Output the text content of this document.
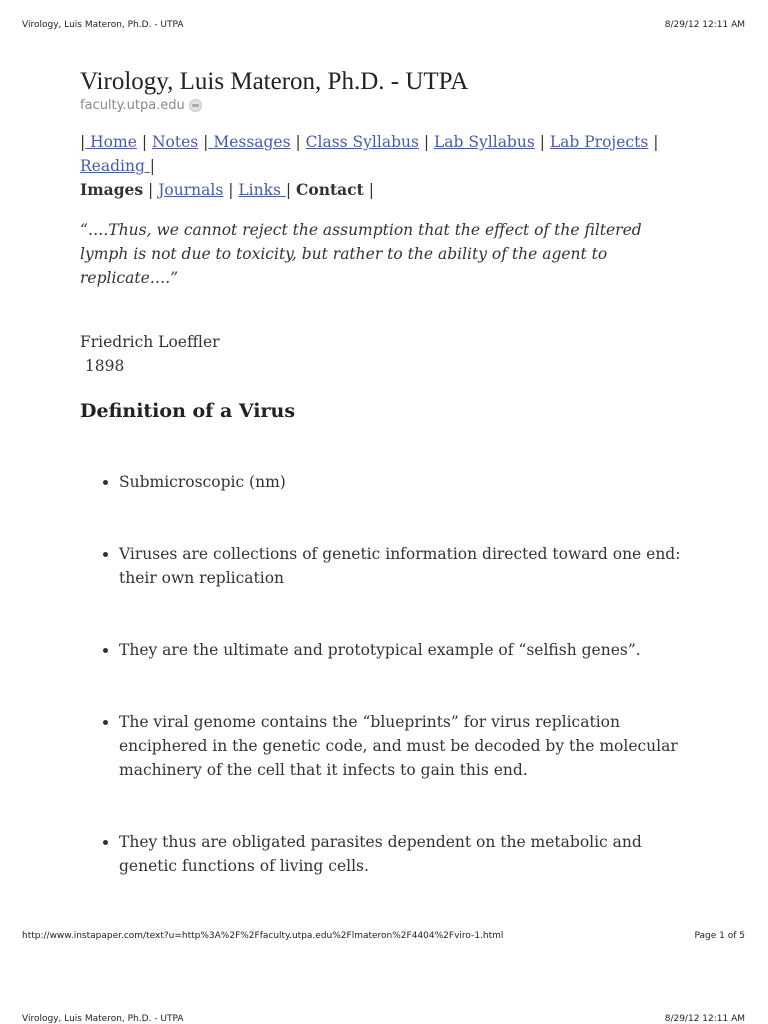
Virology, Luis Materon, Ph.D. - UTPA	8/29/12 12:11 AM
Virology, Luis Materon, Ph.D. - UTPA
faculty.utpa.edu
| Home | Notes | Messages | Class Syllabus | Lab Syllabus | Lab Projects | Reading |
Images | Journals | Links | Contact |
“….Thus, we cannot reject the assumption that the effect of the filtered lymph is not due to toxicity, but rather to the ability of the agent to replicate….”
Friedrich Loeffler
1898
Definition of a Virus
• Submicroscopic (nm)
• Viruses are collections of genetic information directed toward one end: their own replication
• They are the ultimate and prototypical example of “selfish genes”.
• The viral genome contains the “blueprints” for virus replication enciphered in the genetic code, and must be decoded by the molecular machinery of the cell that it infects to gain this end.
• They thus are obligated parasites dependent on the metabolic and genetic functions of living cells.
http://www.instapaper.com/text?u=http%3A%2F%2Ffaculty.utpa.edu%2Flmateron%2F4404%2Fviro-1.html	Page 1 of 5
Virology, Luis Materon, Ph.D. - UTPA	8/29/12 12:11 AM
